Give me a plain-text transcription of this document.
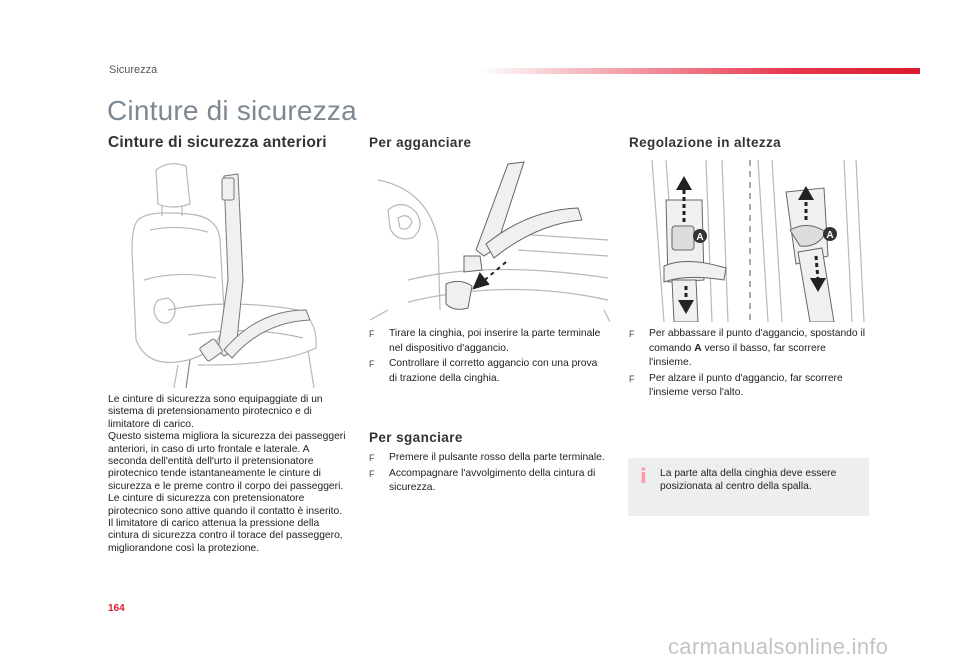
Sicurezza
Cinture di sicurezza
Cinture di sicurezza anteriori
A	A

Le cinture di sicurezza sono equipaggiate di un sistema di pretensionamento pirotecnico e di limitatore di carico.

Questo sistema migliora la sicurezza dei passeggeri anteriori, in caso di urto frontale e laterale. A seconda dell'entità dell'urto il pretensionatore pirotecnico tende istantaneamente le cinture di sicurezza e le preme contro il corpo dei passeggeri.

Le cinture di sicurezza con pretensionatore pirotecnico sono attive quando il contatto è inserito.

Il limitatore di carico attenua la pressione della cintura di sicurezza contro il torace del passeggero, migliorandone così la protezione.

Per agganciare
F Tirare la cinghia, poi inserire la parte terminale nel dispositivo d'aggancio.
F Controllare il corretto aggancio con una prova di trazione della cinghia.
Per sganciare
F Premere il pulsante rosso della parte terminale.
F Accompagnare l'avvolgimento della cintura di sicurezza.
Regolazione in altezza
F Per abbassare il punto d'aggancio, spostando il comando A verso il basso, far scorrere l'insieme.
F Per alzare il punto d'aggancio, far scorrere l'insieme verso l'alto.
i La parte alta della cinghia deve essere posizionata al centro della spalla.
164
carmanualsonline.info
